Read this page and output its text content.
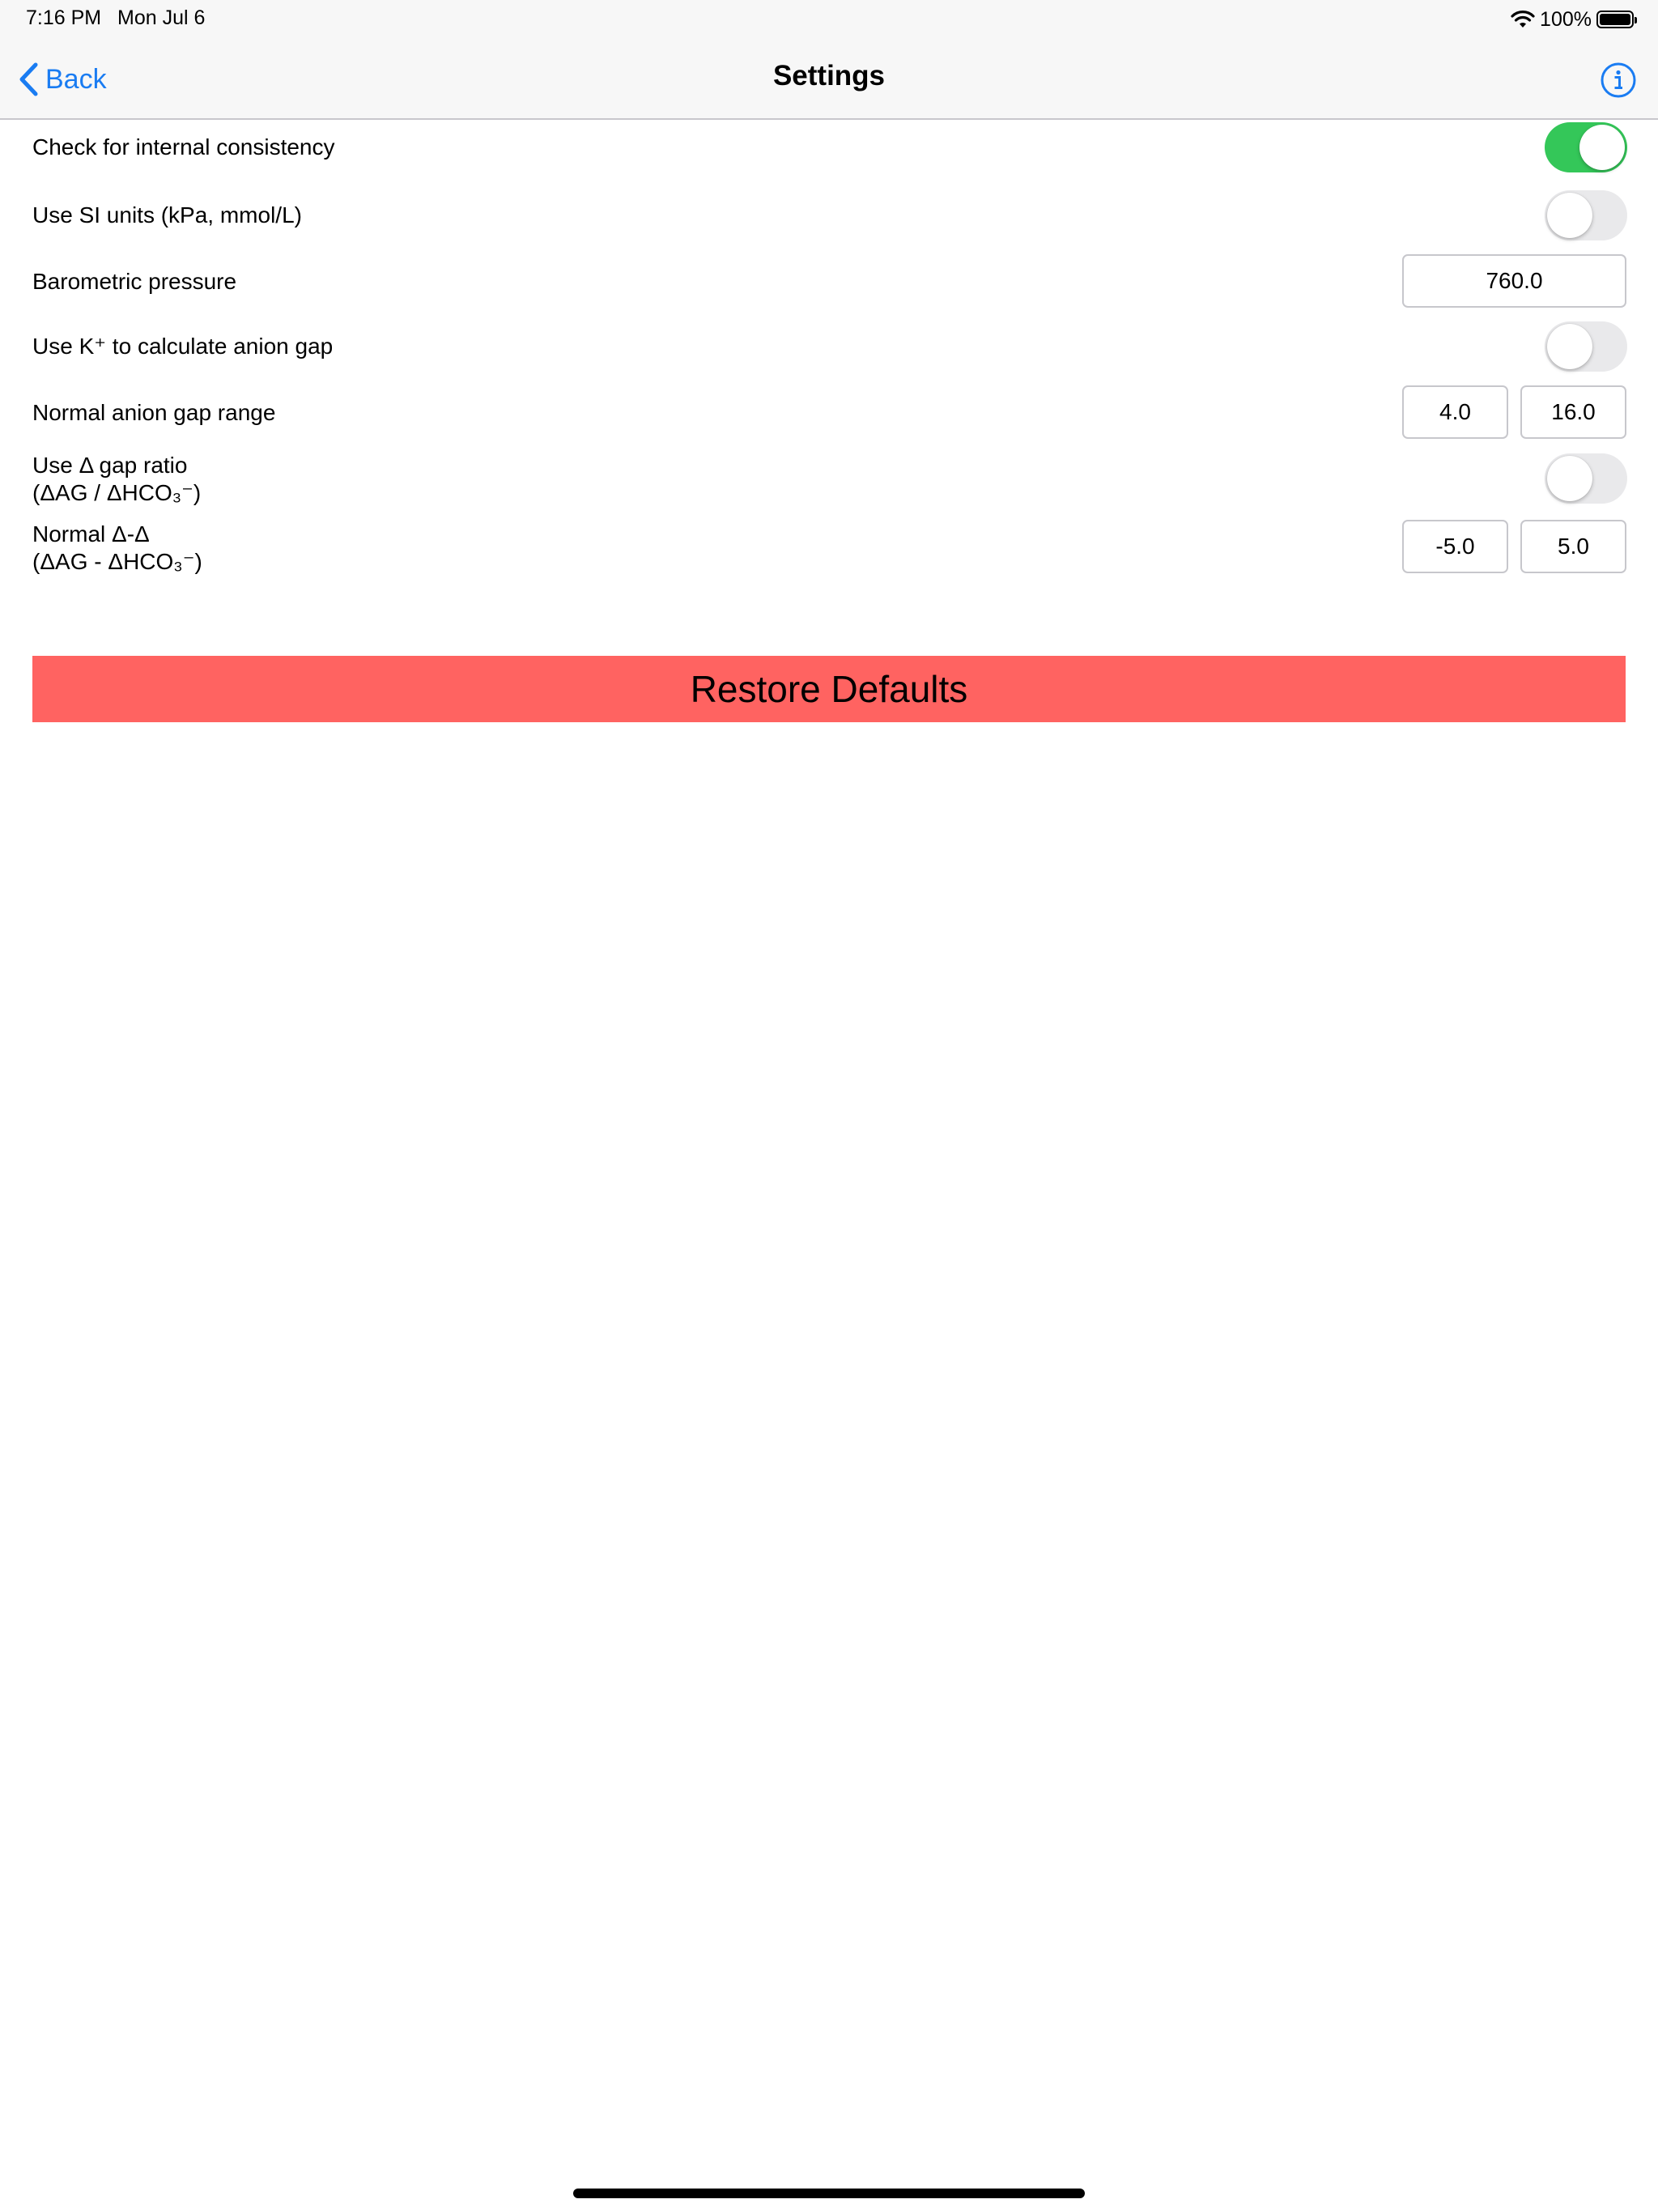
7:16 PM Mon Jul 6	100%
Back	Settings
Check for internal consistency
Use SI units (kPa, mmol/L)
Barometric pressure	760.0
Use K⁺ to calculate anion gap
Normal anion gap range	4.0	16.0
Use Δ gap ratio
(ΔAG / ΔHCO₃⁻)
Normal Δ-Δ
(ΔAG - ΔHCO₃⁻)
-5.0	5.0
Restore Defaults
